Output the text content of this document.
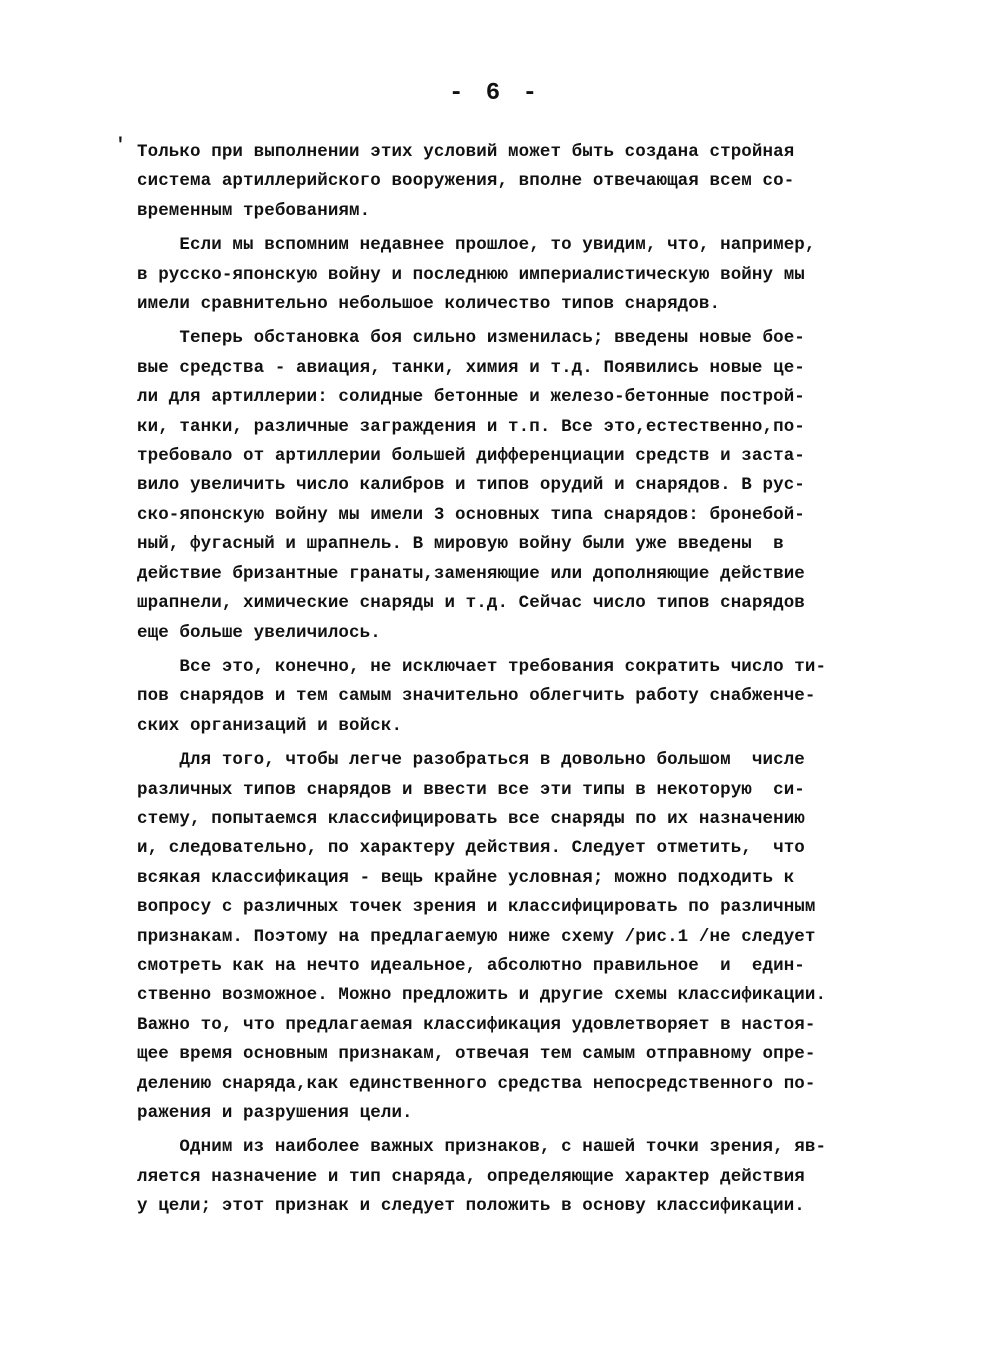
- 6 -
′ Только при выполнении этих условий может быть создана стройная
система артиллерийского вооружения, вполне отвечающая всем со-
временным требованиям.
Если мы вспомним недавнее прошлое, то увидим, что, например,
в русско-японскую войну и последнюю империалистическую войну мы
имели сравнительно небольшое количество типов снарядов.
Теперь обстановка боя сильно изменилась; введены новые боe-
вые средства - авиация, танки, химия и т.д. Появились новые це-
ли для артиллерии: солидные бетонные и железо-бетонные построй-
ки, танки, различные заграждения и т.п. Все это,естественно,по-
требовало от артиллерии большей дифференциации средств и заста-
вило увеличить число калибров и типов орудий и снарядов. В рус-
ско-японскую войну мы имели 3 основных типа снарядов: бронебой-
ный, фугасный и шрапнель. В мировую войну были уже введены  в
действие бризантные гранаты,заменяющие или дополняющие действие
шрапнели, химические снаряды и т.д. Сейчас число типов снарядов
еще больше увеличилось.
Все это, конечно, не исключает требования сократить число ти-
пов снарядов и тем самым значительно облегчить работу снабженче-
ских организаций и войск.
Для того, чтобы легче разобраться в довольно большом  числе
различных типов снарядов и ввести все эти типы в некоторую  си-
стему, попытаемся классифицировать все снаряды по их назначению
и, следовательно, по характеру действия. Следует отметить,  что
всякая классификация - вещь крайне условная; можно подходить к
вопросу с различных точек зрения и классифицировать по различным
признакам. Поэтому на предлагаемую ниже схему /рис.1 /не следует
смотреть как на нечто идеальное, абсолютно правильное  и  един-
ственно возможное. Можно предложить и другие схемы классификации.
Важно то, что предлагаемая классификация удовлетворяет в настоя-
щее время основным признакам, отвечая тем самым отправному опре-
делению снаряда,как единственного средства непосредственного по-
ражения и разрушения цели.
Одним из наиболее важных признаков, с нашей точки зрения, яв-
ляется назначение и тип снаряда, определяющие характер действия
у цели; этот признак и следует положить в основу классификации.
